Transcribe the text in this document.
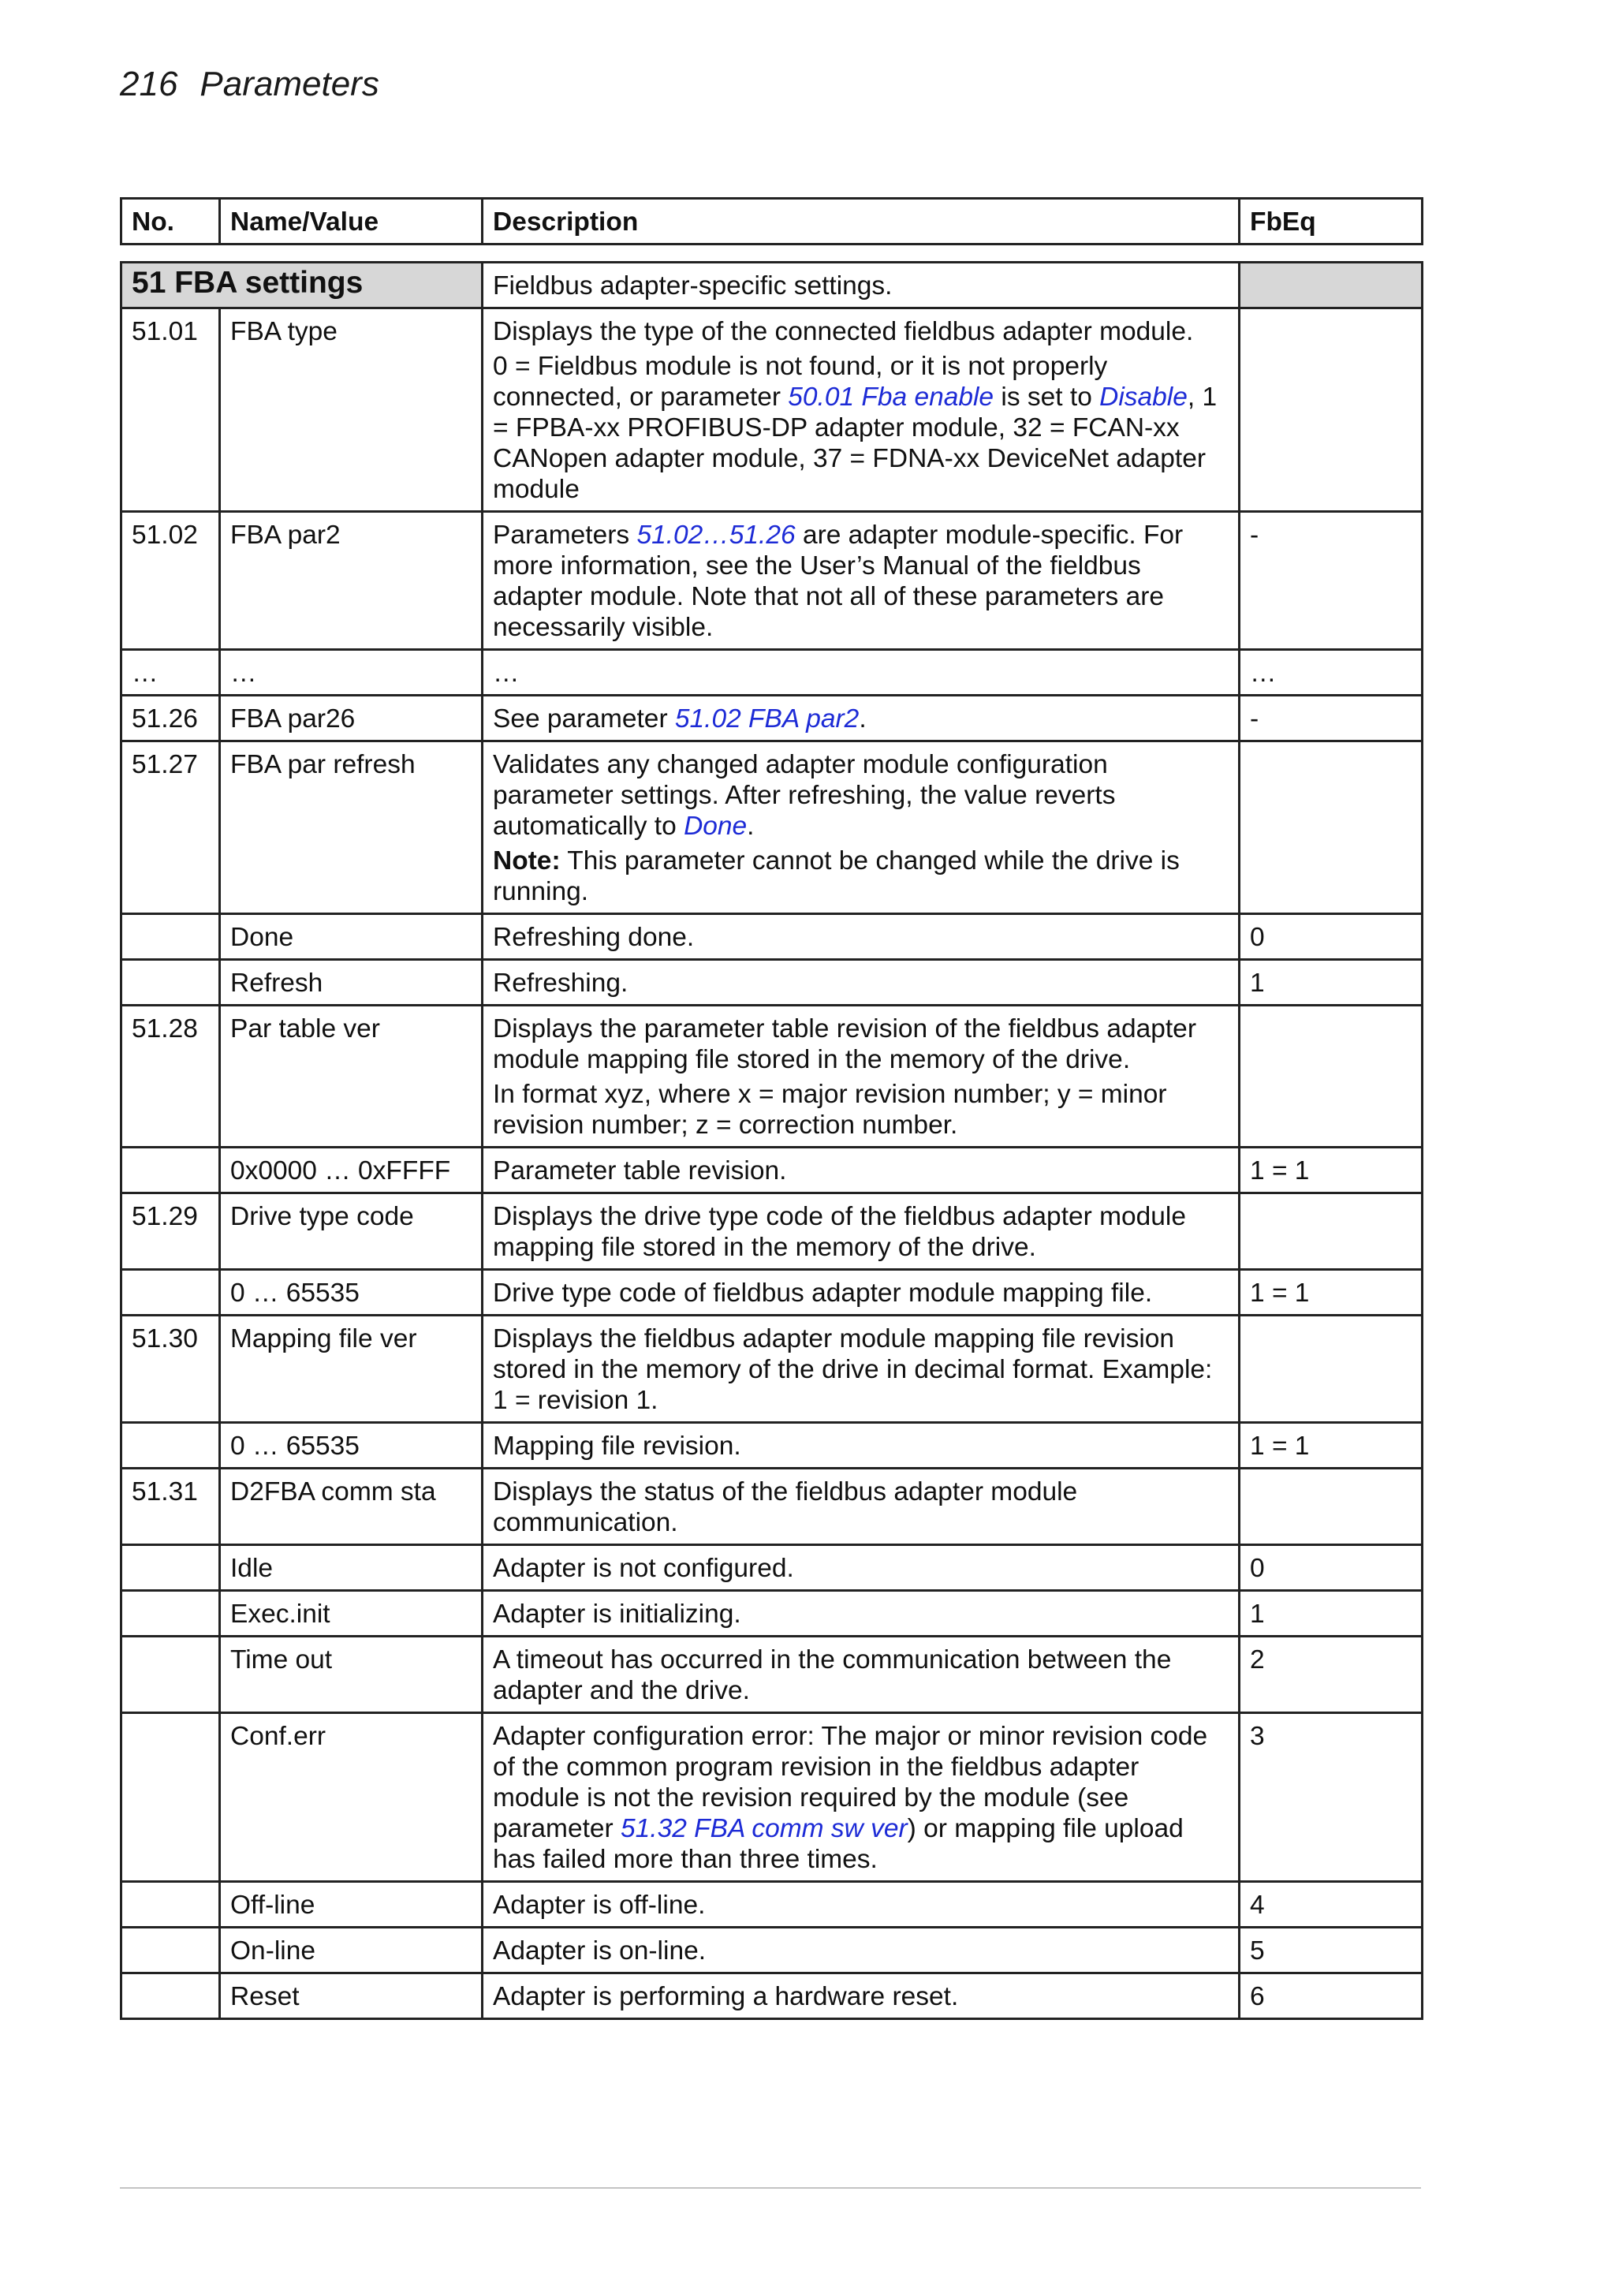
216 Parameters
No.	Name/Value	Description	FbEq

51 FBA settings		Fieldbus adapter-specific settings.	
51.01	FBA type	Displays the type of the connected fieldbus adapter module.
0 = Fieldbus module is not found, or it is not properly connected, or parameter 50.01 Fba enable is set to Disable, 1 = FPBA-xx PROFIBUS-DP adapter module, 32 = FCAN-xx CANopen adapter module, 37 = FDNA-xx DeviceNet adapter module	

51.02	FBA par2	Parameters 51.02…51.26 are adapter module-specific. For more information, see the User’s Manual of the fieldbus adapter module. Note that not all of these parameters are necessarily visible.	-
…	…	…	…
51.26	FBA par26	See parameter 51.02 FBA par2.	-
51.27	FBA par refresh	Validates any changed adapter module configuration parameter settings. After refreshing, the value reverts automatically to Done.
Note: This parameter cannot be changed while the drive is running.	

	Done	Refreshing done.	0
	Refresh	Refreshing.	1
51.28	Par table ver	Displays the parameter table revision of the fieldbus adapter module mapping file stored in the memory of the drive.
In format xyz, where x = major revision number; y = minor revision number; z = correction number.	

	0x0000 … 0xFFFF	Parameter table revision.	1 = 1
51.29	Drive type code	Displays the drive type code of the fieldbus adapter module mapping file stored in the memory of the drive.	
	0 … 65535	Drive type code of fieldbus adapter module mapping file.	1 = 1
51.30	Mapping file ver	Displays the fieldbus adapter module mapping file revision stored in the memory of the drive in decimal format. Example: 1 = revision 1.	
	0 … 65535	Mapping file revision.	1 = 1
51.31	D2FBA comm sta	Displays the status of the fieldbus adapter module communication.	
	Idle	Adapter is not configured.	0
	Exec.init	Adapter is initializing.	1
	Time out	A timeout has occurred in the communication between the adapter and the drive.	2
	Conf.err	Adapter configuration error: The major or minor revision code of the common program revision in the fieldbus adapter module is not the revision required by the module (see parameter 51.32 FBA comm sw ver) or mapping file upload has failed more than three times.	3
	Off-line	Adapter is off-line.	4
	On-line	Adapter is on-line.	5
	Reset	Adapter is performing a hardware reset.	6
